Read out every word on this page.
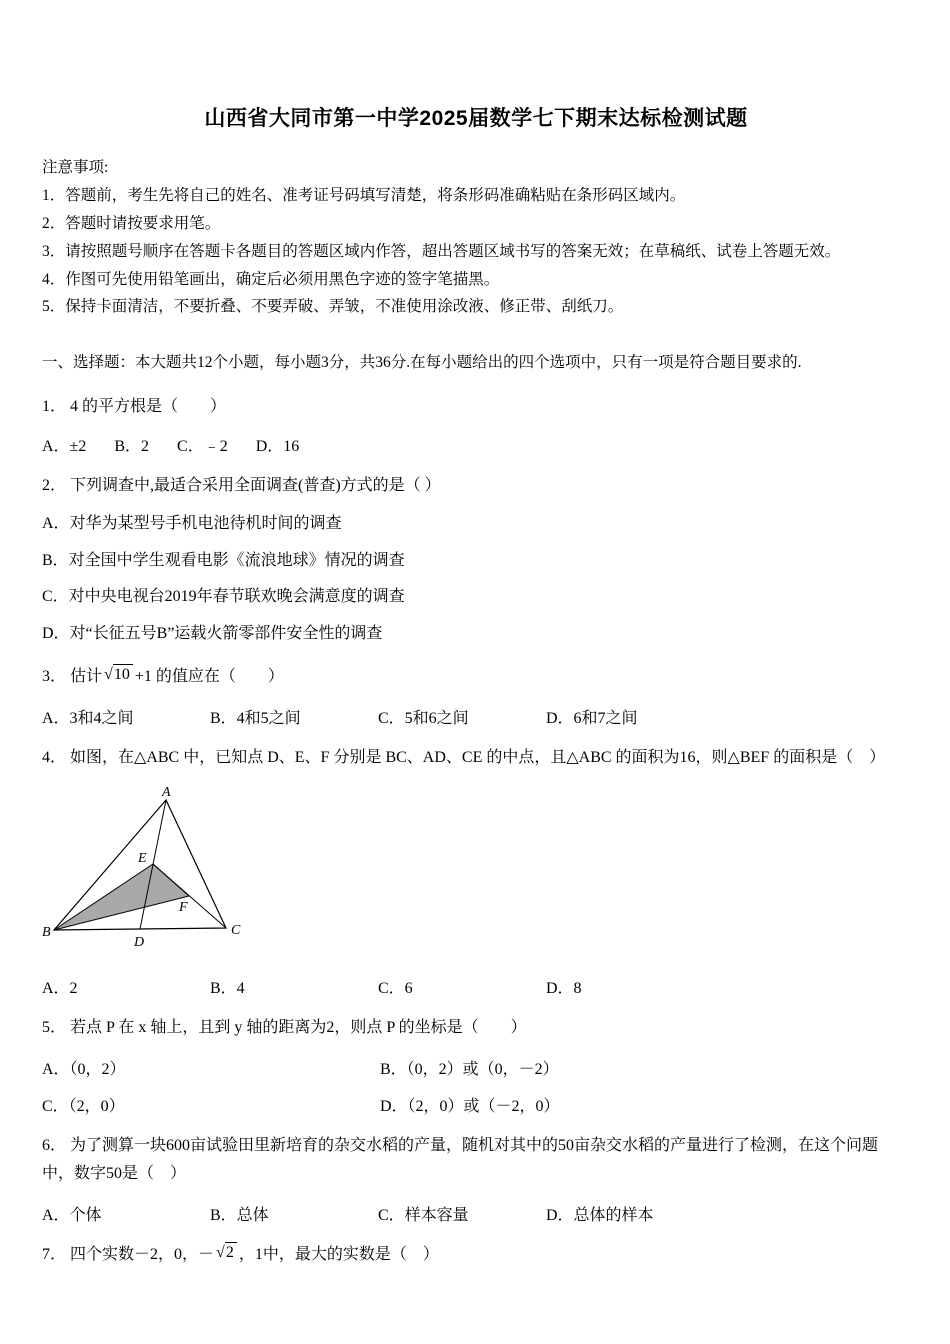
山西省大同市第一中学2025届数学七下期末达标检测试题

注意事项:

1．答题前，考生先将自己的姓名、准考证号码填写清楚，将条形码准确粘贴在条形码区域内。

2．答题时请按要求用笔。

3．请按照题号顺序在答题卡各题目的答题区域内作答，超出答题区域书写的答案无效；在草稿纸、试卷上答题无效。

4．作图可先使用铅笔画出，确定后必须用黑色字迹的签字笔描黑。

5．保持卡面清洁，不要折叠、不要弄破、弄皱，不准使用涂改液、修正带、刮纸刀。

一、选择题：本大题共12个小题，每小题3分，共36分.在每小题给出的四个选项中，只有一项是符合题目要求的.

1． 4 的平方根是（　　）

A．±2 B．2 C．﹣2 D．16

2． 下列调查中,最适合采用全面调查(普查)方式的是（ ）

A．对华为某型号手机电池待机时间的调查

B．对全国中学生观看电影《流浪地球》情况的调查

C．对中央电视台2019年春节联欢晚会满意度的调查

D．对“长征五号B”运载火箭零部件安全性的调查

3． 估计 √10 +1 的值应在（　　）

A．3和4之间	B．4和5之间	C．5和6之间	D．6和7之间

4． 如图，在△ABC 中，已知点 D、E、F 分别是 BC、AD、CE 的中点，且△ABC 的面积为16，则△BEF 的面积是（　）

A
B	C
D
E
F

A．2	B．4	C．6	D．8

5． 若点 P 在 x 轴上，且到 y 轴的距离为2，则点 P 的坐标是（　　）

A．（0，2）	B．（0，2）或（0，－2）
C．（2，0）	D．（2，0）或（－2，0）

6． 为了测算一块600亩试验田里新培育的杂交水稻的产量，随机对其中的50亩杂交水稻的产量进行了检测，在这个问题中，数字50是（　）

A．个体	B．总体	C．样本容量	D．总体的样本

7． 四个实数－2，0，－ √2 ，1中，最大的实数是（　）
